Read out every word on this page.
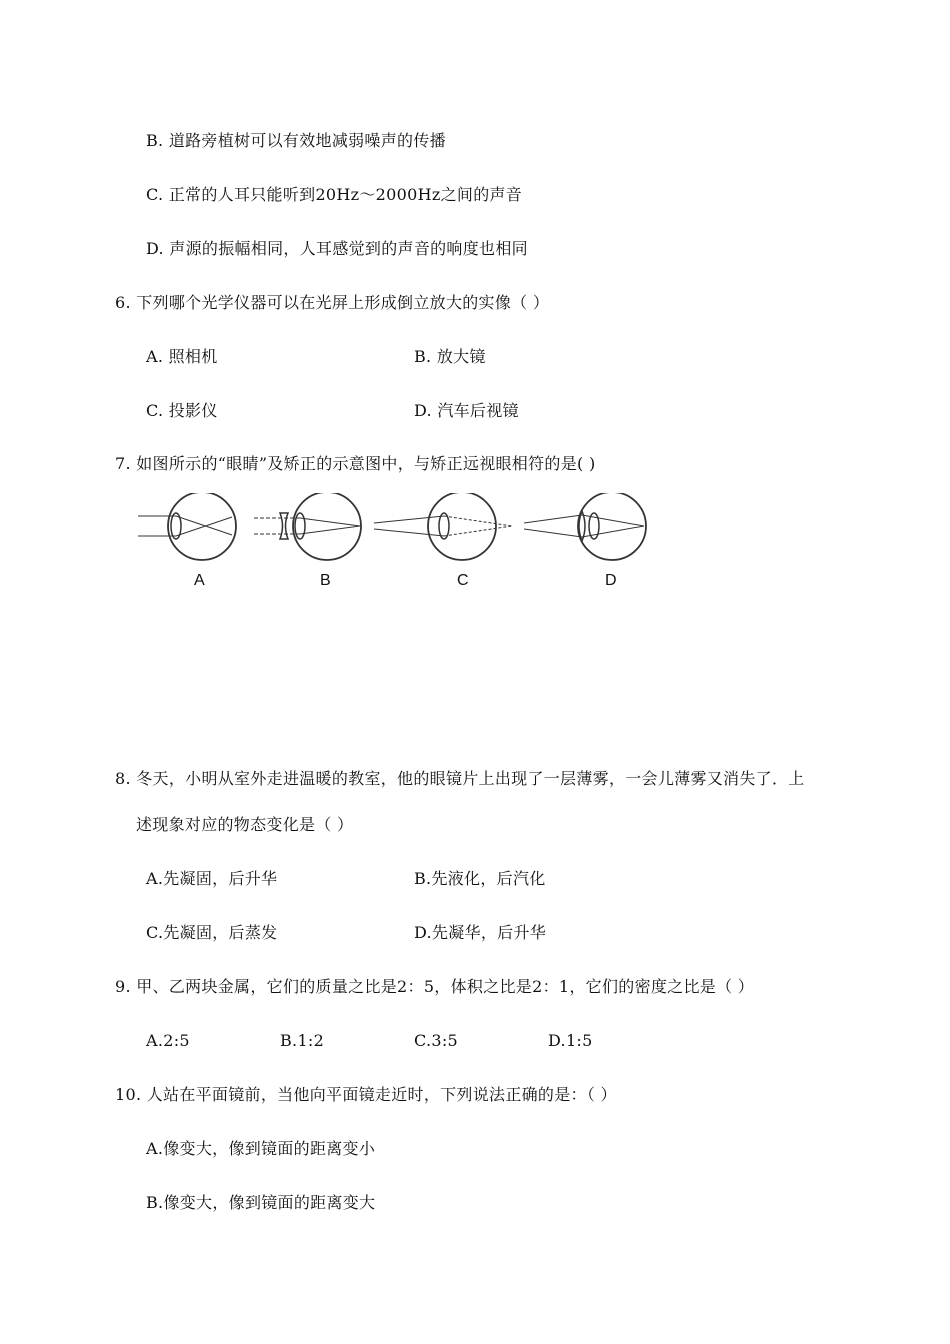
B. 道路旁植树可以有效地减弱噪声的传播
C. 正常的人耳只能听到20Hz～2000Hz之间的声音
D. 声源的振幅相同，人耳感觉到的声音的响度也相同
6. 下列哪个光学仪器可以在光屏上形成倒立放大的实像（ ）
A. 照相机	B. 放大镜
C. 投影仪	D. 汽车后视镜
7. 如图所示的“眼睛”及矫正的示意图中，与矫正远视眼相符的是( )
A	B	C	D
8. 冬天，小明从室外走进温暖的教室，他的眼镜片上出现了一层薄雾，一会儿薄雾又消失了．上
述现象对应的物态变化是（ ）
A.先凝固，后升华	B.先液化，后汽化
C.先凝固，后蒸发	D.先凝华，后升华
9. 甲、乙两块金属，它们的质量之比是2：5，体积之比是2：1，它们的密度之比是（ ）
A.2:5	B.1:2	C.3:5	D.1:5
10. 人站在平面镜前，当他向平面镜走近时，下列说法正确的是：（ ）
A.像变大，像到镜面的距离变小
B.像变大，像到镜面的距离变大
